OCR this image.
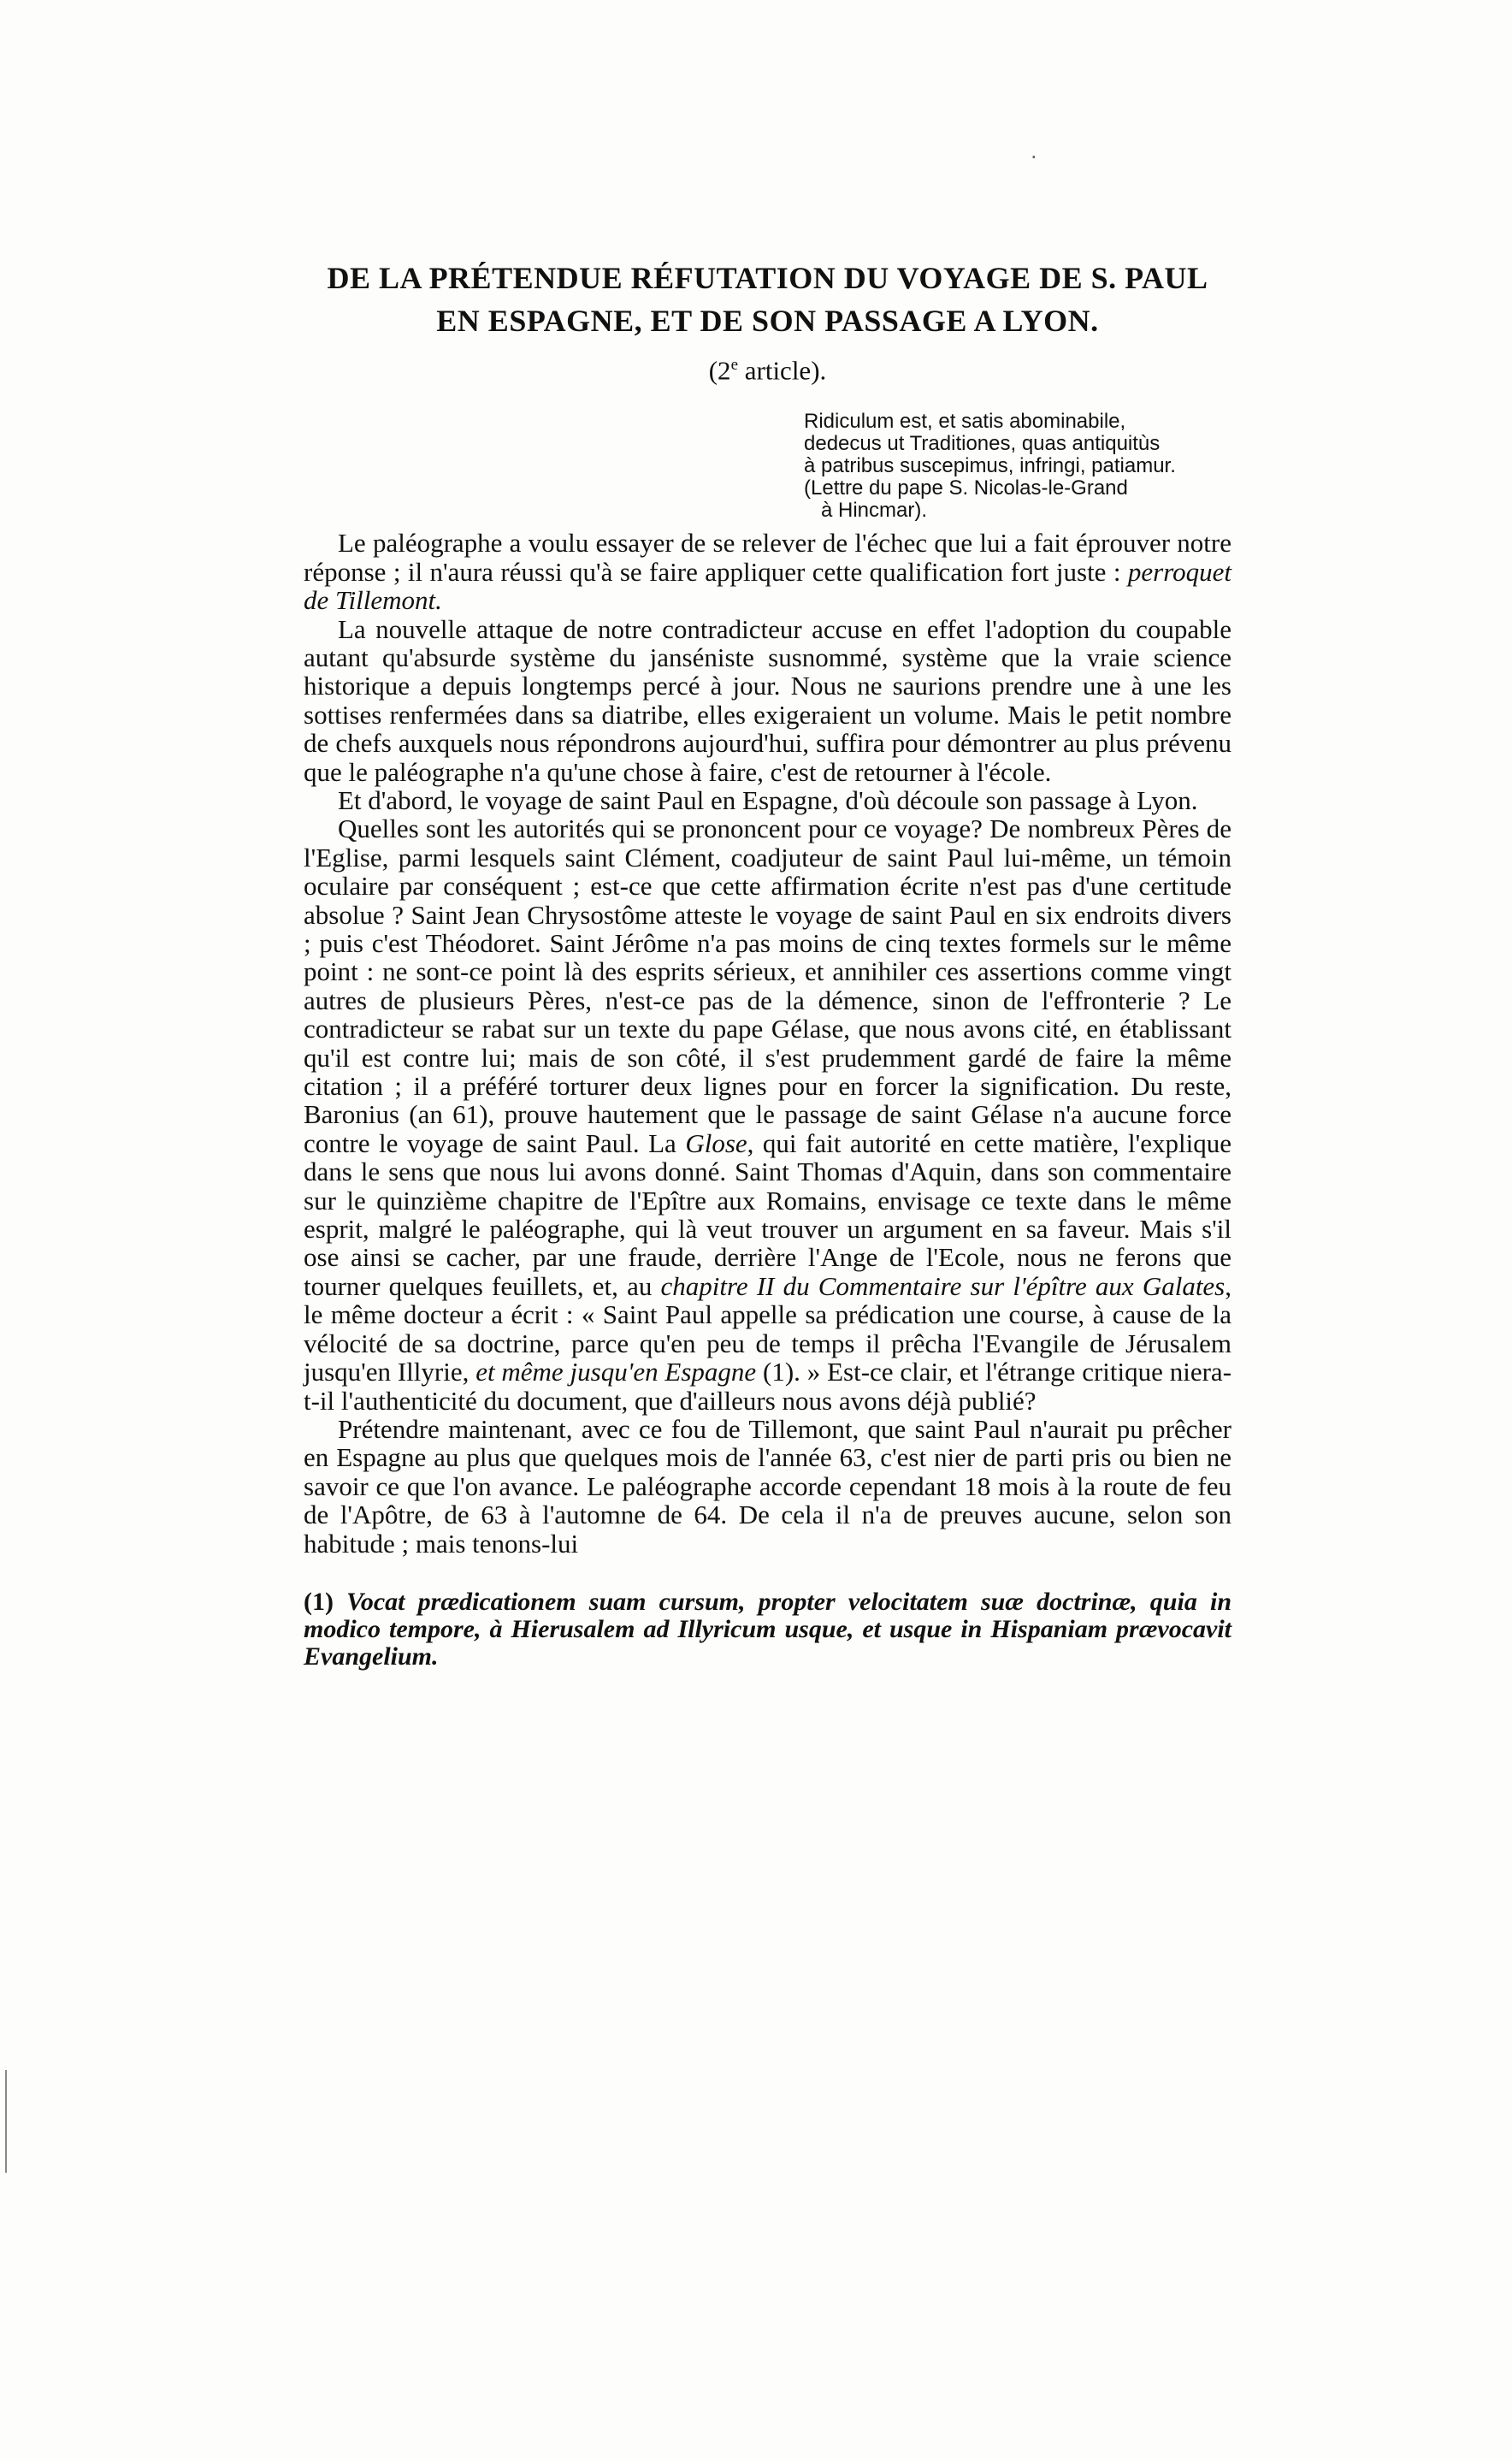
·
DE LA PRÉTENDUE RÉFUTATION DU VOYAGE DE S. PAUL
EN ESPAGNE, ET DE SON PASSAGE A LYON.
(2e article).

Ridiculum est, et satis abominabile,

dedecus ut Traditiones, quas antiquitùs

à patribus suscepimus, infringi, patiamur.

(Lettre du pape S. Nicolas-le-Grand

à Hincmar).

Le paléographe a voulu essayer de se relever de l'échec que lui a fait éprouver notre réponse ; il n'aura réussi qu'à se faire appliquer cette qualification fort juste : perroquet de Tillemont.

La nouvelle attaque de notre contradicteur accuse en effet l'adoption du coupable autant qu'absurde système du janséniste susnommé, système que la vraie science historique a depuis longtemps percé à jour. Nous ne saurions prendre une à une les sottises renfermées dans sa diatribe, elles exigeraient un volume. Mais le petit nombre de chefs auxquels nous répondrons aujourd'hui, suffira pour démontrer au plus prévenu que le paléographe n'a qu'une chose à faire, c'est de retourner à l'école.

Et d'abord, le voyage de saint Paul en Espagne, d'où découle son passage à Lyon.

Quelles sont les autorités qui se prononcent pour ce voyage? De nombreux Pères de l'Eglise, parmi lesquels saint Clément, coadjuteur de saint Paul lui-même, un témoin oculaire par conséquent ; est-ce que cette affirmation écrite n'est pas d'une certitude absolue ? Saint Jean Chrysostôme atteste le voyage de saint Paul en six endroits divers ; puis c'est Théodoret. Saint Jérôme n'a pas moins de cinq textes formels sur le même point : ne sont-ce point là des esprits sérieux, et annihiler ces assertions comme vingt autres de plusieurs Pères, n'est-ce pas de la démence, sinon de l'effronterie ? Le contradicteur se rabat sur un texte du pape Gélase, que nous avons cité, en établissant qu'il est contre lui; mais de son côté, il s'est prudemment gardé de faire la même citation ; il a préféré torturer deux lignes pour en forcer la signification. Du reste, Baronius (an 61), prouve hautement que le passage de saint Gélase n'a aucune force contre le voyage de saint Paul. La Glose, qui fait autorité en cette matière, l'explique dans le sens que nous lui avons donné. Saint Thomas d'Aquin, dans son commentaire sur le quinzième chapitre de l'Epître aux Romains, envisage ce texte dans le même esprit, malgré le paléographe, qui là veut trouver un argument en sa faveur. Mais s'il ose ainsi se cacher, par une fraude, derrière l'Ange de l'Ecole, nous ne ferons que tourner quelques feuillets, et, au chapitre II du Commentaire sur l'épître aux Galates, le même docteur a écrit : « Saint Paul appelle sa prédication une course, à cause de la vélocité de sa doctrine, parce qu'en peu de temps il prêcha l'Evangile de Jérusalem jusqu'en Illyrie, et même jusqu'en Espagne (1). » Est-ce clair, et l'étrange critique niera-t-il l'authenticité du document, que d'ailleurs nous avons déjà publié?

Prétendre maintenant, avec ce fou de Tillemont, que saint Paul n'aurait pu prêcher en Espagne au plus que quelques mois de l'année 63, c'est nier de parti pris ou bien ne savoir ce que l'on avance. Le paléographe accorde cependant 18 mois à la route de feu de l'Apôtre, de 63 à l'automne de 64. De cela il n'a de preuves aucune, selon son habitude ; mais tenons-lui

(1) Vocat prædicationem suam cursum, propter velocitatem suæ doctrinæ, quia in modico tempore, à Hierusalem ad Illyricum usque, et usque in Hispaniam prævocavit Evangelium.
